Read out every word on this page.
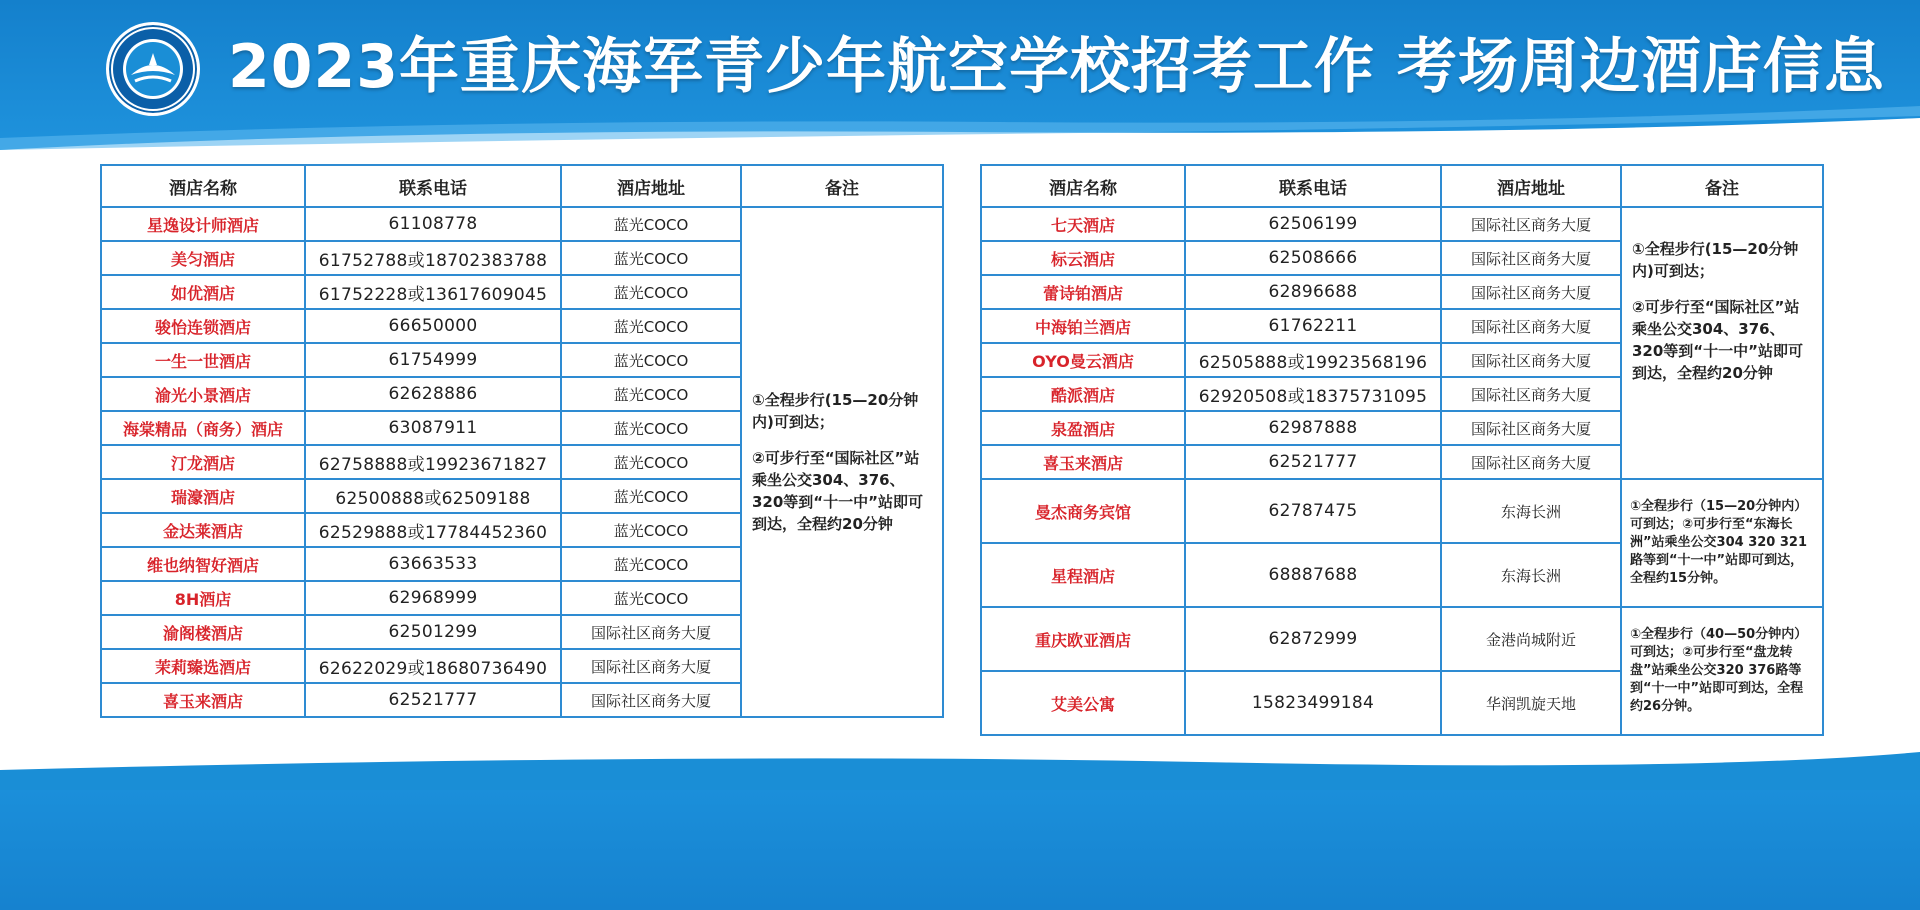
2023年重庆海军青少年航空学校招考工作 考场周边酒店信息
酒店名称	联系电话	酒店地址	备注
星逸设计师酒店	61108778	蓝光COCO	①全程步行(15—20分钟内)可到达；

②可步行至“国际社区”站乘坐公交304、376、320等到“十一中”站即可到达，全程约20分钟

美匀酒店	61752788或18702383788	蓝光COCO	
如优酒店	61752228或13617609045	蓝光COCO	
骏怡连锁酒店	66650000	蓝光COCO	
一生一世酒店	61754999	蓝光COCO	
渝光小景酒店	62628886	蓝光COCO	
海棠精品（商务）酒店	63087911	蓝光COCO	
汀龙酒店	62758888或19923671827	蓝光COCO	
瑞濠酒店	62500888或62509188	蓝光COCO	
金达莱酒店	62529888或17784452360	蓝光COCO	
维也纳智好酒店	63663533	蓝光COCO	
8H酒店	62968999	蓝光COCO	
渝阁楼酒店	62501299	国际社区商务大厦	
茉莉臻选酒店	62622029或18680736490	国际社区商务大厦	
喜玉来酒店	62521777	国际社区商务大厦	
酒店名称	联系电话	酒店地址	备注
七天酒店	62506199	国际社区商务大厦	①全程步行(15—20分钟内)可到达；

②可步行至“国际社区”站乘坐公交304、376、320等到“十一中”站即可到达，全程约20分钟

标云酒店	62508666	国际社区商务大厦	
蕾诗铂酒店	62896688	国际社区商务大厦	
中海铂兰酒店	61762211	国际社区商务大厦	
OYO曼云酒店	62505888或19923568196	国际社区商务大厦	
酷派酒店	62920508或18375731095	国际社区商务大厦	
泉盈酒店	62987888	国际社区商务大厦	
喜玉来酒店	62521777	国际社区商务大厦	
曼杰商务宾馆	62787475	东海长洲	①全程步行（15—20分钟内）可到达；②可步行至“东海长洲”站乘坐公交304 320 321路等到“十一中”站即可到达，全程约15分钟。
星程酒店	68887688	东海长洲	
重庆欧亚酒店	62872999	金港尚城附近	①全程步行（40—50分钟内）可到达；②可步行至“盘龙转盘”站乘坐公交320 376路等到“十一中”站即可到达，全程约26分钟。
艾美公寓	15823499184	华润凯旋天地	
